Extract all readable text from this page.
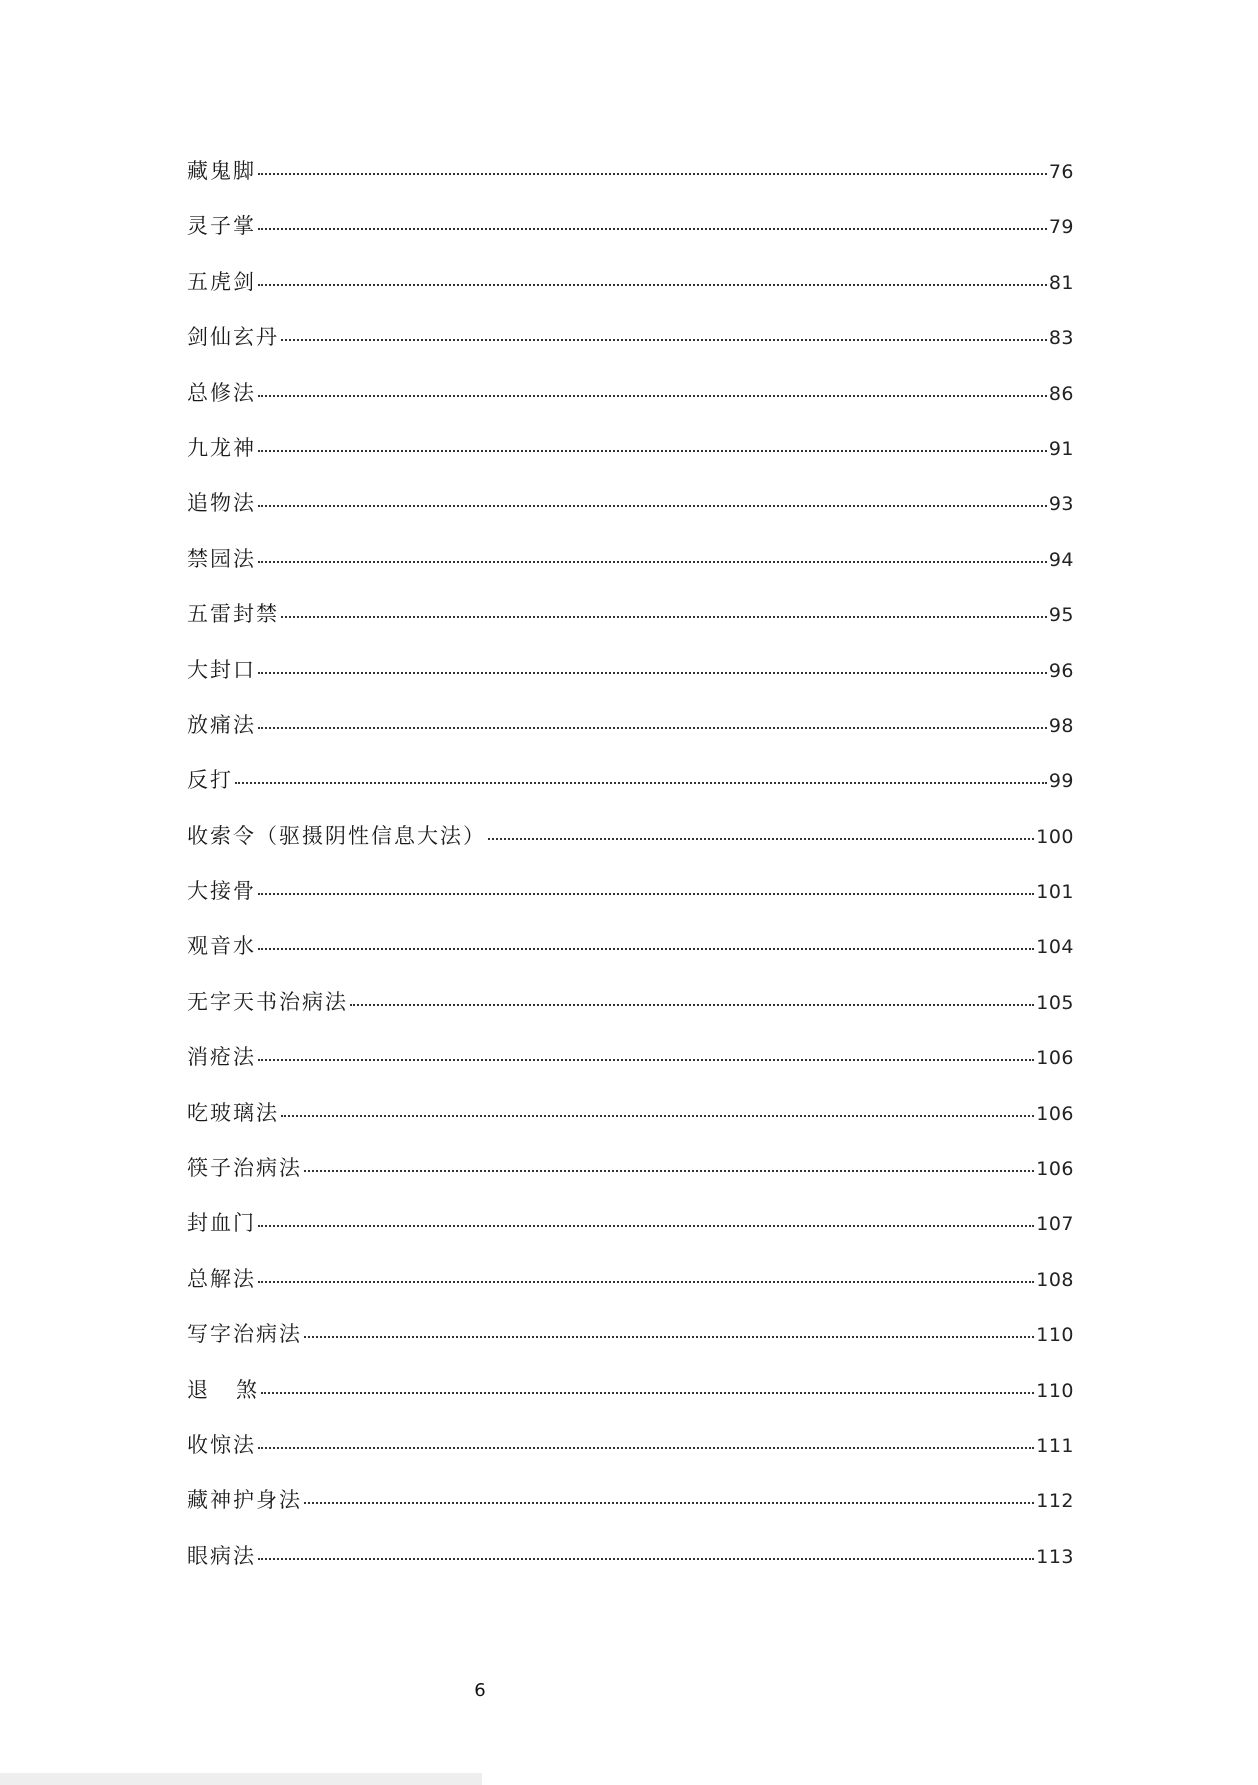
藏鬼脚	76
灵子掌	79
五虎剑	81
剑仙玄丹	83
总修法	86
九龙神	91
追物法	93
禁园法	94
五雷封禁	95
大封口	96
放痛法	98
反打	99
收索令（驱摄阴性信息大法）	100
大接骨	101
观音水	104
无字天书治病法	105
消疮法	106
吃玻璃法	106
筷子治病法	106
封血门	107
总解法	108
写字治病法	110
退   煞	110
收惊法	111
藏神护身法	112
眼病法	113
6
